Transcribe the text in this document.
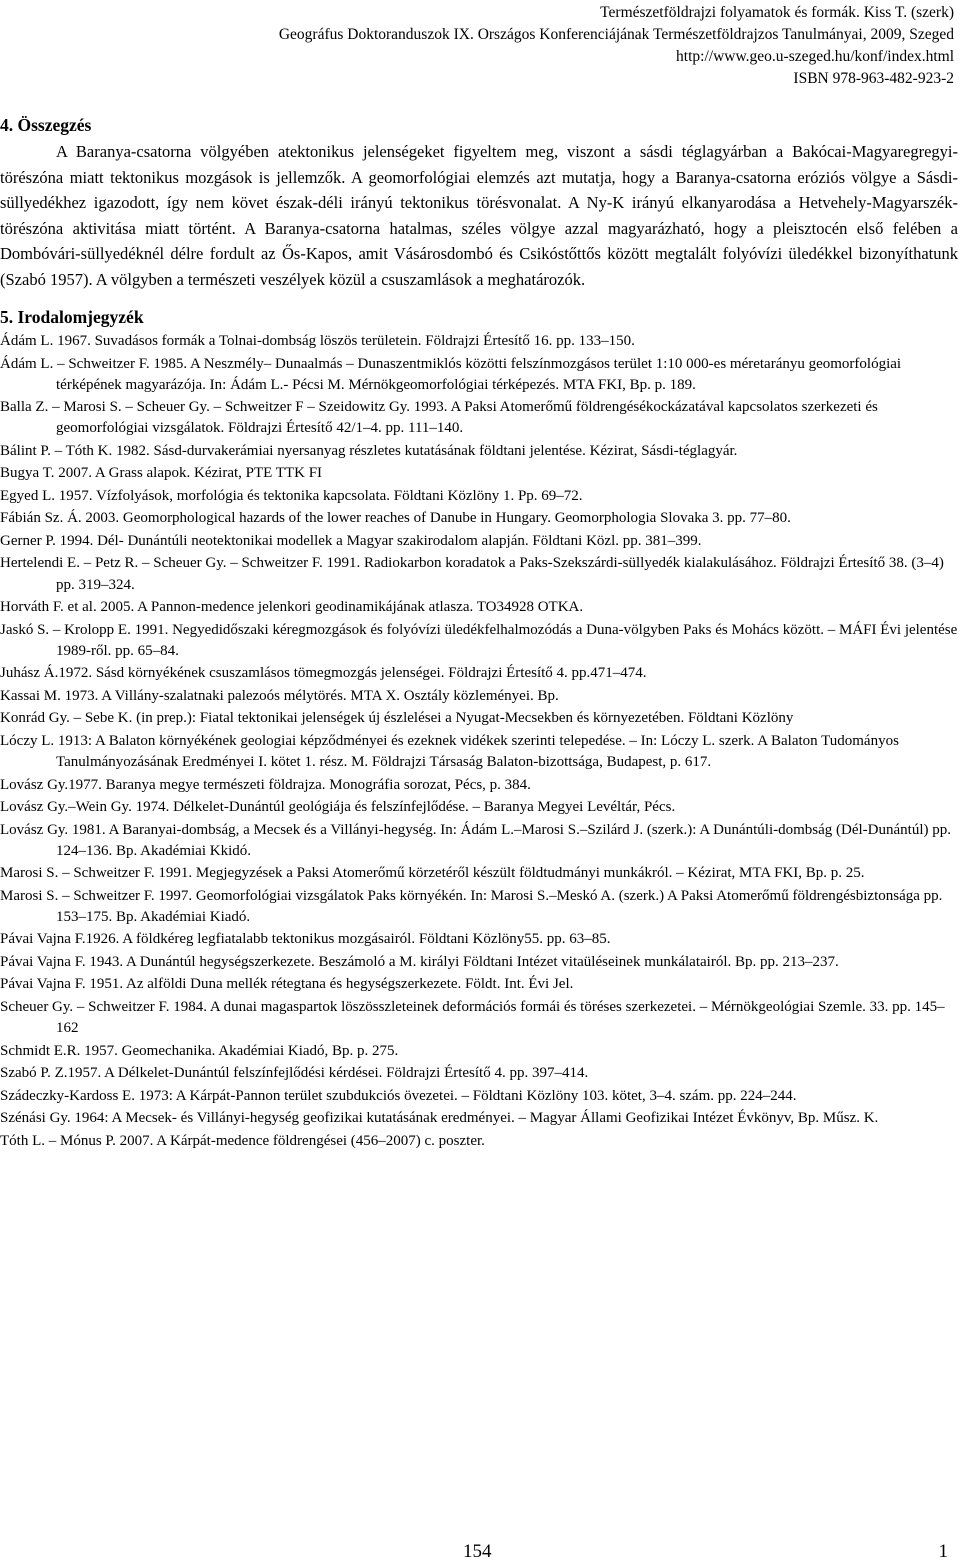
Természetföldrajzi folyamatok és formák. Kiss T. (szerk)
Geográfus Doktoranduszok IX. Országos Konferenciájának Természetföldrajzos Tanulmányai, 2009, Szeged
http://www.geo.u-szeged.hu/konf/index.html
ISBN 978-963-482-923-2
4. Összegzés

A Baranya-csatorna völgyében atektonikus jelenségeket figyeltem meg, viszont a sásdi téglagyárban a Bakócai-Magyaregregyi-törészóna miatt tektonikus mozgások is jellemzők. A geomorfológiai elemzés azt mutatja, hogy a Baranya-csatorna eróziós völgye a Sásdi-süllyedékhez igazodott, így nem követ észak-déli irányú tektonikus törésvonalat. A Ny-K irányú elkanyarodása a Hetvehely-Magyarszék-törészóna aktivitása miatt történt. A Baranya-csatorna hatalmas, széles völgye azzal magyarázható, hogy a pleisztocén első felében a Dombóvári-süllyedéknél délre fordult az Ős-Kapos, amit Vásárosdombó és Csikóstőttős között megtalált folyóvízi üledékkel bizonyíthatunk (Szabó 1957). A völgyben a természeti veszélyek közül a csuszamlások a meghatározók.

5. Irodalomjegyzék
Ádám L. 1967. Suvadásos formák a Tolnai-dombság löszös területein. Földrajzi Értesítő 16. pp. 133–150.
Ádám L. – Schweitzer F. 1985. A Neszmély– Dunaalmás – Dunaszentmiklós közötti felszínmozgásos terület 1:10 000-es méretarányu geomorfológiai térképének magyarázója. In: Ádám L.- Pécsi M. Mérnökgeomorfológiai térképezés. MTA FKI, Bp. p. 189.
Balla Z. – Marosi S. – Scheuer Gy. – Schweitzer F – Szeidowitz Gy. 1993. A Paksi Atomerőmű földrengésékockázatával kapcsolatos szerkezeti és geomorfológiai vizsgálatok. Földrajzi Értesítő 42/1–4. pp. 111–140.
Bálint P. – Tóth K. 1982. Sásd-durvakerámiai nyersanyag részletes kutatásának földtani jelentése. Kézirat, Sásdi-téglagyár.
Bugya T. 2007. A Grass alapok. Kézirat, PTE TTK FI
Egyed L. 1957. Vízfolyások, morfológia és tektonika kapcsolata. Földtani Közlöny 1. Pp. 69–72.
Fábián Sz. Á. 2003. Geomorphological hazards of the lower reaches of Danube in Hungary. Geomorphologia Slovaka 3. pp. 77–80.
Gerner P. 1994. Dél- Dunántúli neotektonikai modellek a Magyar szakirodalom alapján. Földtani Közl. pp. 381–399.
Hertelendi E. – Petz R. – Scheuer Gy. – Schweitzer F. 1991. Radiokarbon koradatok a Paks-Szekszárdi-süllyedék kialakulásához. Földrajzi Értesítő 38. (3–4) pp. 319–324.
Horváth F. et al. 2005. A Pannon-medence jelenkori geodinamikájának atlasza. TO34928 OTKA.
Jaskó S. – Krolopp E. 1991. Negyedidőszaki kéregmozgások és folyóvízi üledékfelhalmozódás a Duna-völgyben Paks és Mohács között. – MÁFI Évi jelentése 1989-ről. pp. 65–84.
Juhász Á.1972. Sásd környékének csuszamlásos tömegmozgás jelenségei. Földrajzi Értesítő 4. pp.471–474.
Kassai M. 1973. A Villány-szalatnaki palezoós mélytörés. MTA X. Osztály közleményei. Bp.
Konrád Gy. – Sebe K. (in prep.): Fiatal tektonikai jelenségek új észlelései a Nyugat-Mecsekben és környezetében. Földtani Közlöny
Lóczy L. 1913: A Balaton környékének geologiai képződményei és ezeknek vidékek szerinti telepedése. – In: Lóczy L. szerk. A Balaton Tudományos Tanulmányozásának Eredményei I. kötet 1. rész. M. Földrajzi Társaság Balaton-bizottsága, Budapest, p. 617.
Lovász Gy.1977. Baranya megye természeti földrajza. Monográfia sorozat, Pécs, p. 384.
Lovász Gy.–Wein Gy. 1974. Délkelet-Dunántúl geológiája és felszínfejlődése. – Baranya Megyei Levéltár, Pécs.
Lovász Gy. 1981. A Baranyai-dombság, a Mecsek és a Villányi-hegység. In: Ádám L.–Marosi S.–Szilárd J. (szerk.): A Dunántúli-dombság (Dél-Dunántúl) pp. 124–136. Bp. Akadémiai Kkidó.
Marosi S. – Schweitzer F. 1991. Megjegyzések a Paksi Atomerőmű körzetéről készült földtudmányi munkákról. – Kézirat, MTA FKI, Bp. p. 25.
Marosi S. – Schweitzer F. 1997. Geomorfológiai vizsgálatok Paks környékén. In: Marosi S.–Meskó A. (szerk.) A Paksi Atomerőmű földrengésbiztonsága pp. 153–175. Bp. Akadémiai Kiadó.
Pávai Vajna F.1926. A földkéreg legfiatalabb tektonikus mozgásairól. Földtani Közlöny55. pp. 63–85.
Pávai Vajna F. 1943. A Dunántúl hegységszerkezete. Beszámoló a M. királyi Földtani Intézet vitaüléseinek munkálatairól. Bp. pp. 213–237.
Pávai Vajna F. 1951. Az alföldi Duna mellék rétegtana és hegységszerkezete. Földt. Int. Évi Jel.
Scheuer Gy. – Schweitzer F. 1984. A dunai magaspartok löszösszleteinek deformációs formái és töréses szerkezetei. – Mérnökgeológiai Szemle. 33. pp. 145–162
Schmidt E.R. 1957. Geomechanika. Akadémiai Kiadó, Bp. p. 275.
Szabó P. Z.1957. A Délkelet-Dunántúl felszínfejlődési kérdései. Földrajzi Értesítő 4. pp. 397–414.
Szádeczky-Kardoss E. 1973: A Kárpát-Pannon terület szubdukciós övezetei. – Földtani Közlöny 103. kötet, 3–4. szám. pp. 224–244.
Szénási Gy. 1964: A Mecsek- és Villányi-hegység geofizikai kutatásának eredményei. – Magyar Állami Geofizikai Intézet Évkönyv, Bp. Műsz. K.
Tóth L. – Mónus P. 2007. A Kárpát-medence földrengései (456–2007) c. poszter.
154	1
